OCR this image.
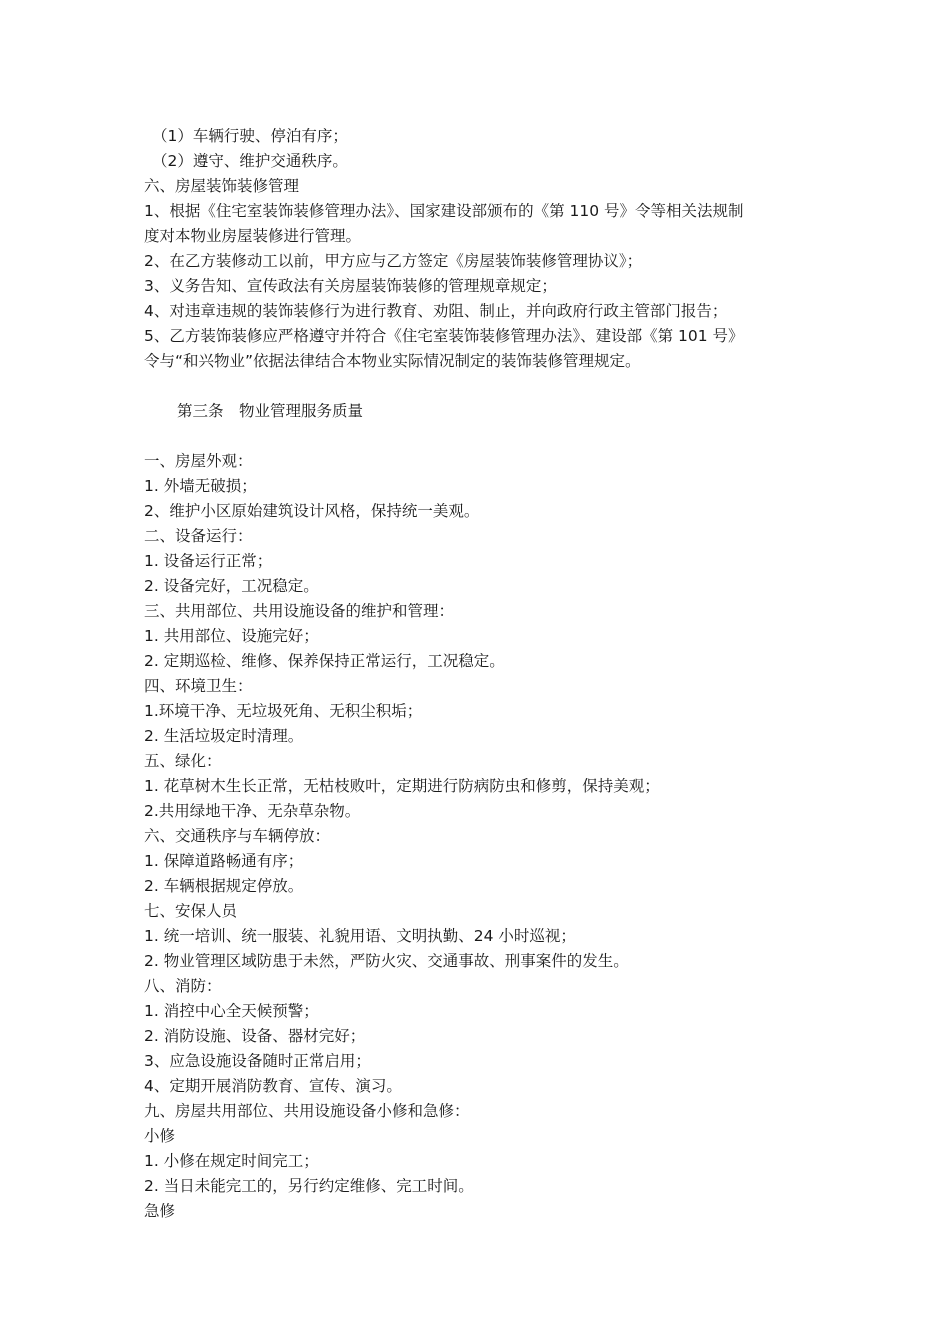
（1）车辆行驶、停泊有序；

（2）遵守、维护交通秩序。

六、房屋装饰装修管理

1、根据《住宅室装饰装修管理办法》、国家建设部颁布的《第 110 号》令等相关法规制

度对本物业房屋装修进行管理。

2、在乙方装修动工以前，甲方应与乙方签定《房屋装饰装修管理协议》；

3、义务告知、宣传政法有关房屋装饰装修的管理规章规定；

4、对违章违规的装饰装修行为进行教育、劝阻、制止，并向政府行政主管部门报告；

5、乙方装饰装修应严格遵守并符合《住宅室装饰装修管理办法》、建设部《第 101 号》

令与“和兴物业”依据法律结合本物业实际情况制定的装饰装修管理规定。

第三条　物业管理服务质量

一、房屋外观：

1. 外墙无破损；

2、维护小区原始建筑设计风格，保持统一美观。

二、设备运行：

1. 设备运行正常；

2. 设备完好，工况稳定。

三、共用部位、共用设施设备的维护和管理：

1. 共用部位、设施完好；

2. 定期巡检、维修、保养保持正常运行，工况稳定。

四、环境卫生：

1.环境干净、无垃圾死角、无积尘积垢；

2. 生活垃圾定时清理。

五、绿化：

1. 花草树木生长正常，无枯枝败叶，定期进行防病防虫和修剪，保持美观；

2.共用绿地干净、无杂草杂物。

六、交通秩序与车辆停放：

1. 保障道路畅通有序；

2. 车辆根据规定停放。

七、安保人员

1. 统一培训、统一服装、礼貌用语、文明执勤、24 小时巡视；

2. 物业管理区域防患于未然，严防火灾、交通事故、刑事案件的发生。

八、消防：

1. 消控中心全天候预警；

2. 消防设施、设备、器材完好；

3、应急设施设备随时正常启用；

4、定期开展消防教育、宣传、演习。

九、房屋共用部位、共用设施设备小修和急修：

小修

1. 小修在规定时间完工；

2. 当日未能完工的，另行约定维修、完工时间。

急修
